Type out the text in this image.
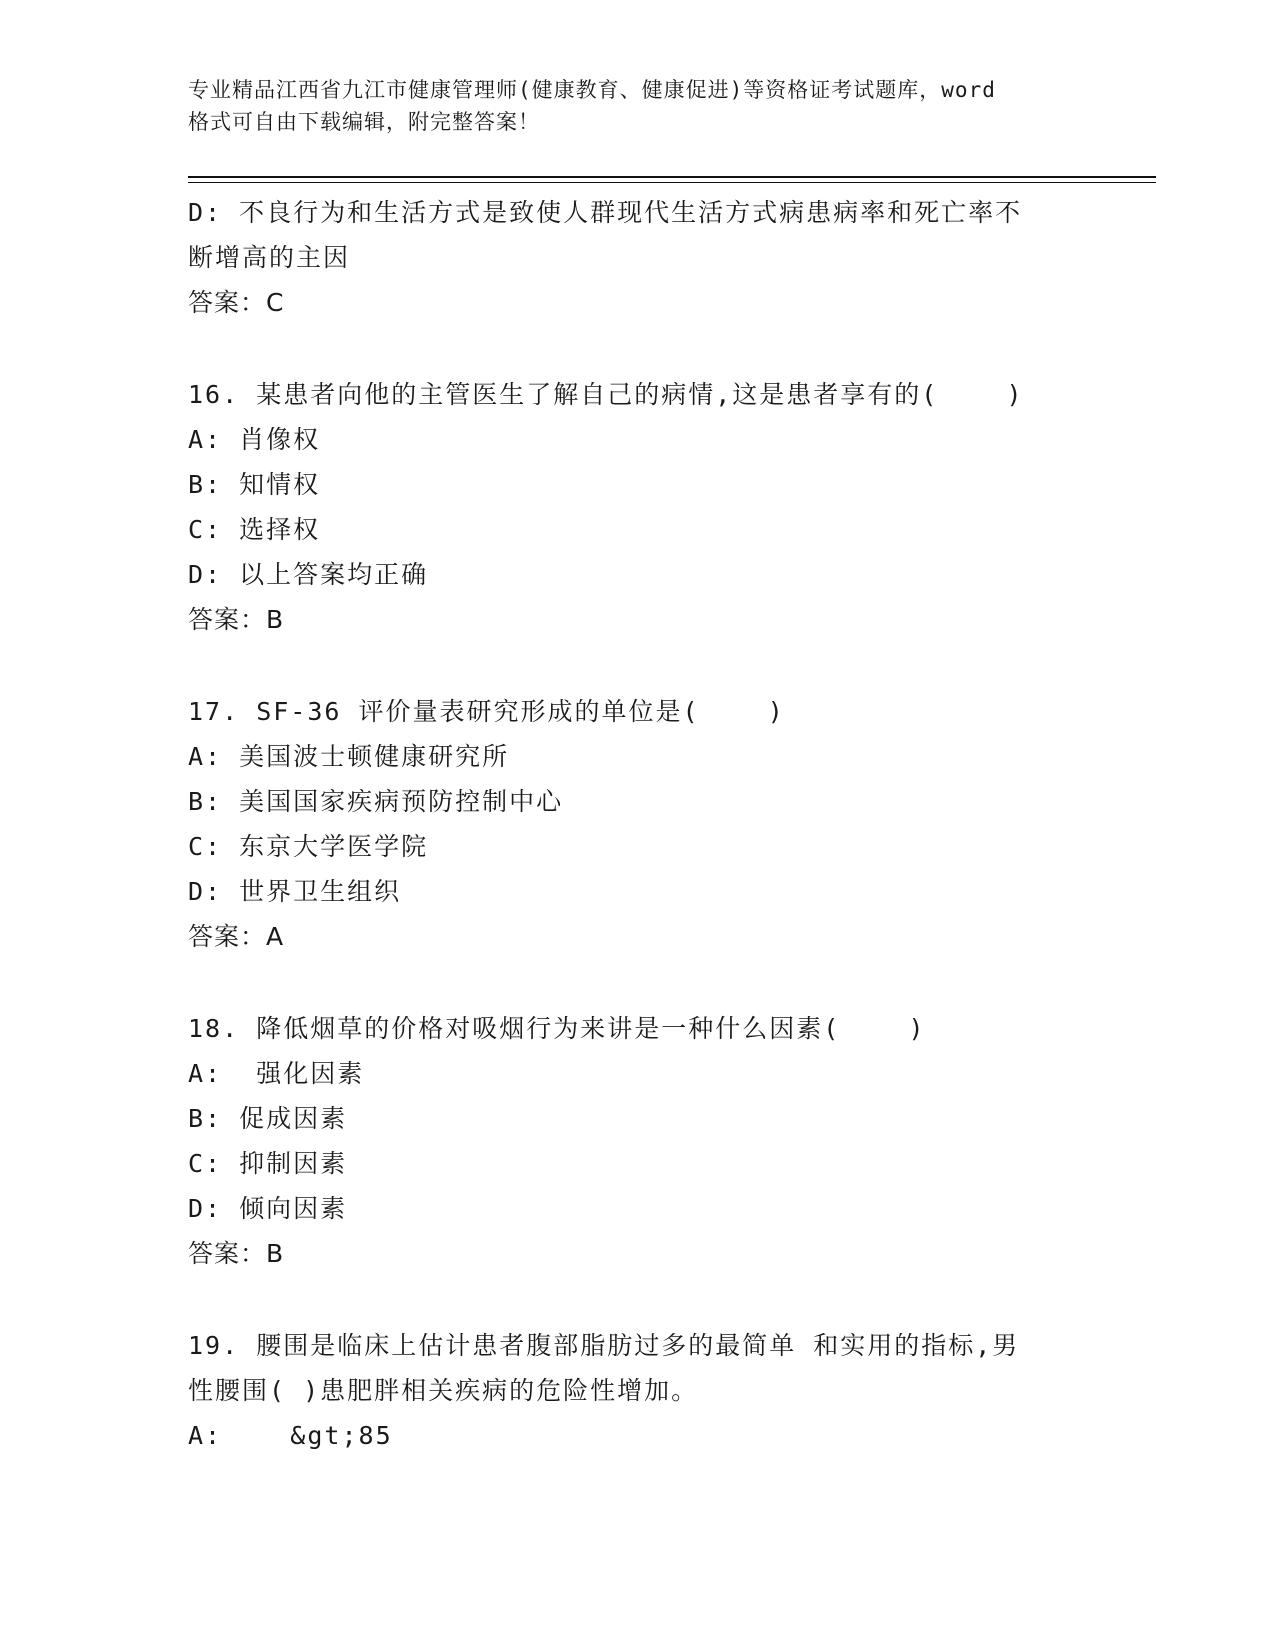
专业精品江西省九江市健康管理师(健康教育、健康促进)等资格证考试题库，word
格式可自由下载编辑，附完整答案！

D: 不良行为和生活方式是致使人群现代生活方式病患病率和死亡率不

断增高的主因

答案：C

16. 某患者向他的主管医生了解自己的病情,这是患者享有的(    )

A: 肖像权

B: 知情权

C: 选择权

D: 以上答案均正确

答案：B

17. SF-36 评价量表研究形成的单位是(    )

A: 美国波士顿健康研究所

B: 美国国家疾病预防控制中心

C: 东京大学医学院

D: 世界卫生组织

答案：A

18. 降低烟草的价格对吸烟行为来讲是一种什么因素(    )

A:  强化因素

B: 促成因素

C: 抑制因素

D: 倾向因素

答案：B

19. 腰围是临床上估计患者腹部脂肪过多的最简单 和实用的指标,男

性腰围( )患肥胖相关疾病的危险性增加。

A:    &gt;85
